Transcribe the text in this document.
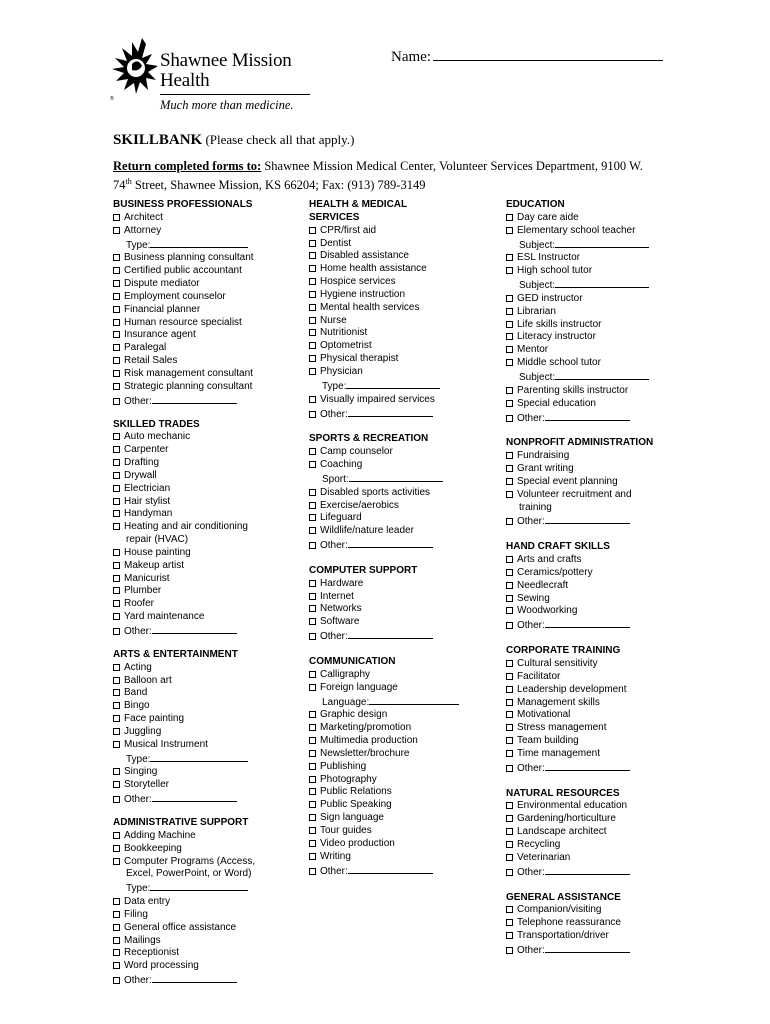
Shawnee Mission
Health
Much more than medicine.
®
Name:
SKILLBANK (Please check all that apply.)
Return completed forms to: Shawnee Mission Medical Center, Volunteer Services Department, 9100 W.
74th Street, Shawnee Mission, KS 66204; Fax: (913) 789-3149
BUSINESS PROFESSIONALS
Architect
Attorney
Type:
Business planning consultant
Certified public accountant
Dispute mediator
Employment counselor
Financial planner
Human resource specialist
Insurance agent
Paralegal
Retail Sales
Risk management consultant
Strategic planning consultant
Other:
SKILLED TRADES
Auto mechanic
Carpenter
Drafting
Drywall
Electrician
Hair stylist
Handyman
Heating and air conditioning
repair (HVAC)
House painting
Makeup artist
Manicurist
Plumber
Roofer
Yard maintenance
Other:
ARTS & ENTERTAINMENT
Acting
Balloon art
Band
Bingo
Face painting
Juggling
Musical Instrument
Type:
Singing
Storyteller
Other:
ADMINISTRATIVE SUPPORT
Adding Machine
Bookkeeping
Computer Programs (Access,
Excel, PowerPoint, or Word)
Type:
Data entry
Filing
General office assistance
Mailings
Receptionist
Word processing
Other:
HEALTH & MEDICAL
SERVICES
CPR/first aid
Dentist
Disabled assistance
Home health assistance
Hospice services
Hygiene instruction
Mental health services
Nurse
Nutritionist
Optometrist
Physical therapist
Physician
Type:
Visually impaired services
Other:
SPORTS & RECREATION
Camp counselor
Coaching
Sport:
Disabled sports activities
Exercise/aerobics
Lifeguard
Wildlife/nature leader
Other:
COMPUTER SUPPORT
Hardware
Internet
Networks
Software
Other:
COMMUNICATION
Calligraphy
Foreign language
Language:
Graphic design
Marketing/promotion
Multimedia production
Newsletter/brochure
Publishing
Photography
Public Relations
Public Speaking
Sign language
Tour guides
Video production
Writing
Other:
EDUCATION
Day care aide
Elementary school teacher
Subject:
ESL Instructor
High school tutor
Subject:
GED instructor
Librarian
Life skills instructor
Literacy instructor
Mentor
Middle school tutor
Subject:
Parenting skills instructor
Special education
Other:
NONPROFIT ADMINISTRATION
Fundraising
Grant writing
Special event planning
Volunteer recruitment and
training
Other:
HAND CRAFT SKILLS
Arts and crafts
Ceramics/pottery
Needlecraft
Sewing
Woodworking
Other:
CORPORATE TRAINING
Cultural sensitivity
Facilitator
Leadership development
Management skills
Motivational
Stress management
Team building
Time management
Other:
NATURAL RESOURCES
Environmental education
Gardening/horticulture
Landscape architect
Recycling
Veterinarian
Other:
GENERAL ASSISTANCE
Companion/visiting
Telephone reassurance
Transportation/driver
Other:
